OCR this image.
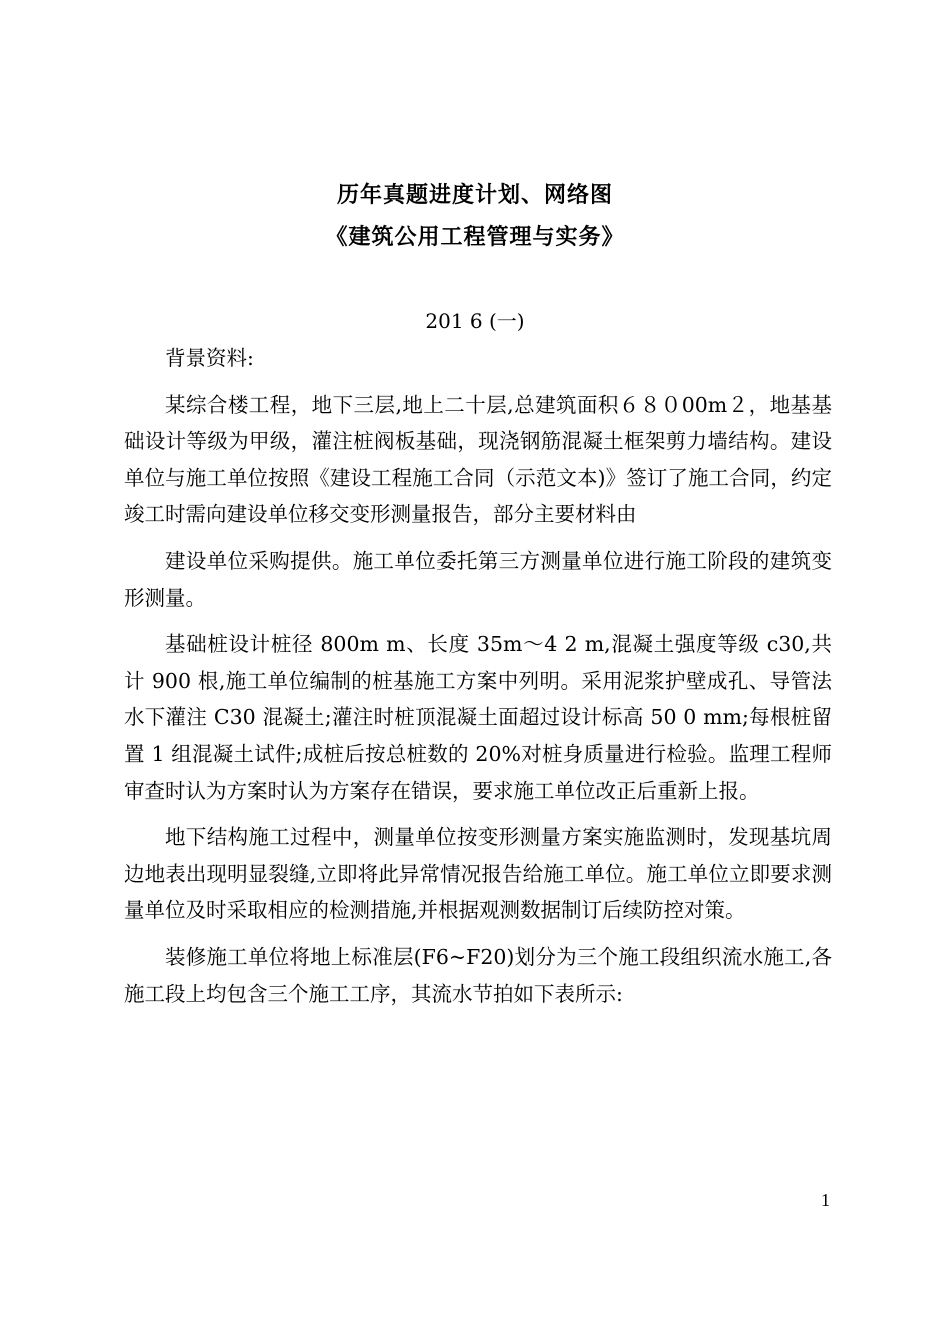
历年真题进度计划、网络图
《建筑公用工程管理与实务》
201 6 (一)

背景资料:

某综合楼工程，地下三层,地上二十层,总建筑面积６８０00m２，地基基础设计等级为甲级，灌注桩阀板基础，现浇钢筋混凝土框架剪力墙结构。建设单位与施工单位按照《建设工程施工合同（示范文本)》签订了施工合同，约定竣工时需向建设单位移交变形测量报告，部分主要材料由

建设单位采购提供。施工单位委托第三方测量单位进行施工阶段的建筑变形测量。

基础桩设计桩径 800m m、长度 35m～4 2 m,混凝土强度等级 c30,共计 900 根,施工单位编制的桩基施工方案中列明。采用泥浆护壁成孔、导管法水下灌注 C30 混凝土;灌注时桩顶混凝土面超过设计标高 50 0 mm;每根桩留置 1 组混凝土试件;成桩后按总桩数的 20%对桩身质量进行检验。监理工程师审查时认为方案时认为方案存在错误，要求施工单位改正后重新上报。

地下结构施工过程中，测量单位按变形测量方案实施监测时，发现基坑周边地表出现明显裂缝,立即将此异常情况报告给施工单位。施工单位立即要求测量单位及时采取相应的检测措施,并根据观测数据制订后续防控对策。

装修施工单位将地上标准层(F6~F20)划分为三个施工段组织流水施工,各施工段上均包含三个施工工序，其流水节拍如下表所示:

1
